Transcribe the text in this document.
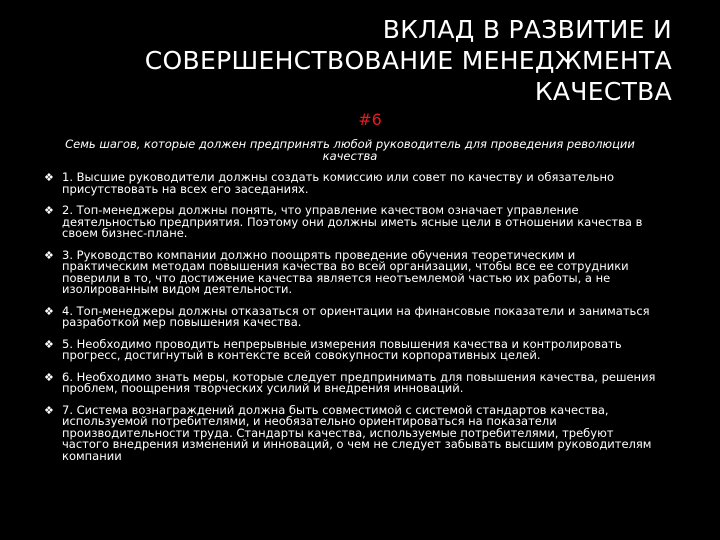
ВКЛАД В РАЗВИТИЕ И
СОВЕРШЕНСТВОВАНИЕ МЕНЕДЖМЕНТА
КАЧЕСТВА
#6
Семь шагов, которые должен предпринять любой руководитель для проведения революции качества
❖ 1. Высшие руководители должны создать комиссию или совет по качеству и обязательно присутствовать на всех его заседаниях.
❖ 2. Топ-менеджеры должны понять, что управление качеством означает управление деятельностью предприятия. Поэтому они должны иметь ясные цели в отношении качества в своем бизнес-плане.
❖ 3. Руководство компании должно поощрять проведение обучения теоретическим и практическим методам повышения качества во всей организации, чтобы все ее сотрудники поверили в то, что достижение качества является неотъемлемой частью их работы, а не изолированным видом деятельности.
❖ 4. Топ-менеджеры должны отказаться от ориентации на финансовые показатели и заниматься разработкой мер повышения качества.
❖ 5. Необходимо проводить непрерывные измерения повышения качества и контролировать прогресс, достигнутый в контексте всей совокупности корпоративных целей.
❖ 6. Необходимо знать меры, которые следует предпринимать для повышения качества, решения проблем, поощрения творческих усилий и внедрения инноваций.
❖ 7. Система вознаграждений должна быть совместимой с системой стандартов качества, используемой потребителями, и необязательно ориентироваться на показатели производительности труда. Стандарты качества, используемые потребителями, требуют частого внедрения изменений и инноваций, о чем не следует забывать высшим руководителям компании
